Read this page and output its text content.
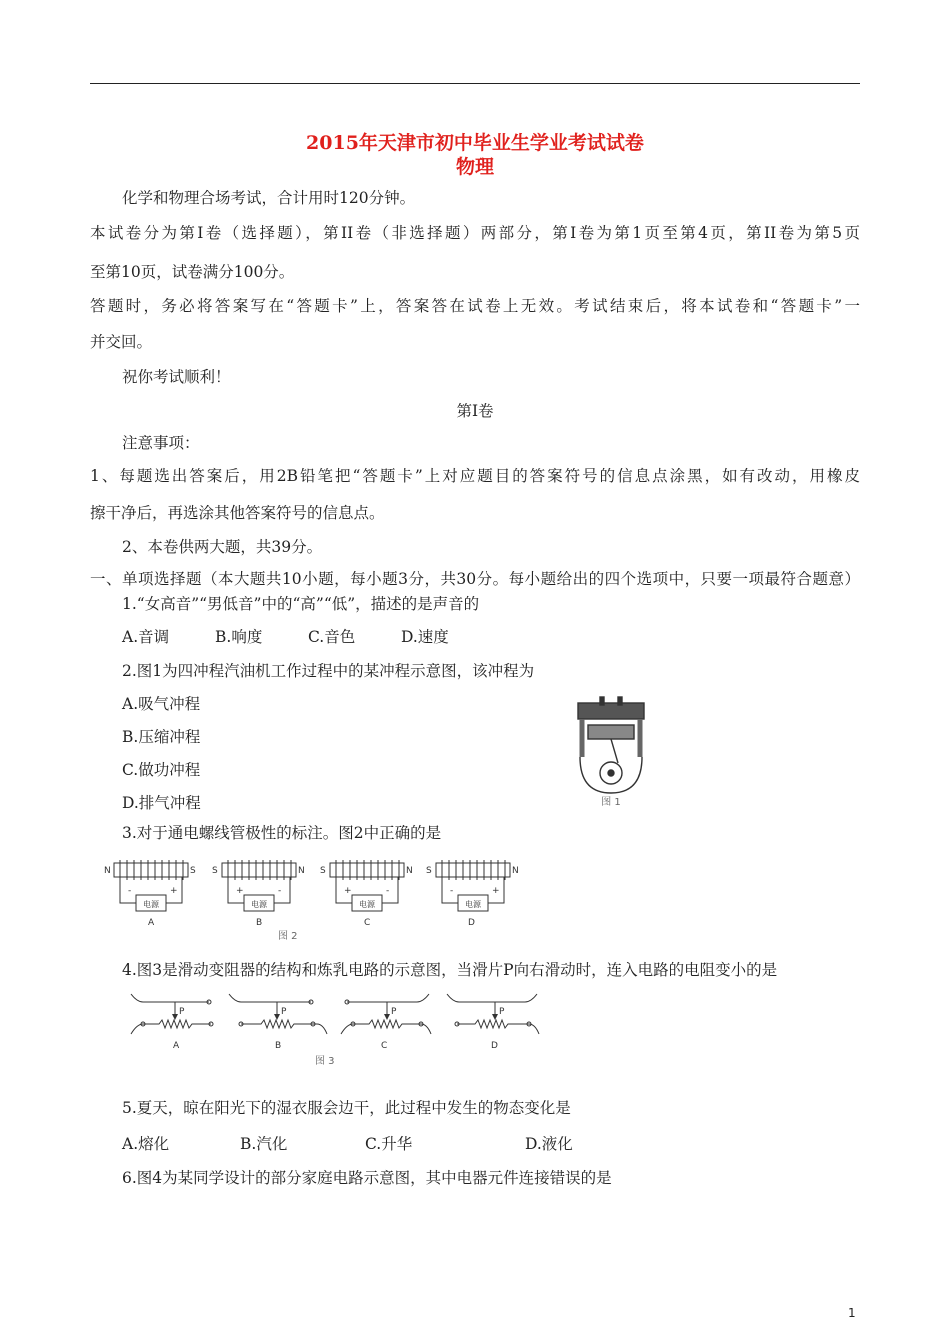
2015年天津市初中毕业生学业考试试卷
物理
化学和物理合场考试，合计用时120分钟。
本试卷分为第Ⅰ卷（选择题），第II卷（非选择题）两部分，第Ⅰ卷为第1页至第4页，第II卷为第5页
至第10页，试卷满分100分。
答题时，务必将答案写在“答题卡”上，答案答在试卷上无效。考试结束后，将本试卷和“答题卡”一
并交回。
祝你考试顺利！
第Ⅰ卷
注意事项：
1、每题选出答案后，用2B铅笔把“答题卡”上对应题目的答案符号的信息点涂黑，如有改动，用橡皮
擦干净后，再选涂其他答案符号的信息点。
2、本卷供两大题，共39分。
一、单项选择题（本大题共10小题，每小题3分，共30分。每小题给出的四个选项中，只要一项最符合题意）
1.“女高音”“男低音”中的“高”“低”，描述的是声音的
A.音调	B.响度	C.音色	D.速度
2.图1为四冲程汽油机工作过程中的某冲程示意图，该冲程为
A.吸气冲程
B.压缩冲程
C.做功冲程
D.排气冲程	图 1
3.对于通电螺线管极性的标注。图2中正确的是
N	S
电源
-	+
A
S	N
电源
+	-
B
S	N
电源
+	-
C
S	N
电源
-	+
D
图 2
4.图3是滑动变阻器的结构和炼乳电路的示意图，当滑片P向右滑动时，连入电路的电阻变小的是
P
A
P
B
P
C
P
D
图 3
5.夏天，晾在阳光下的湿衣服会边干，此过程中发生的物态变化是
A.熔化	B.汽化	C.升华	D.液化
6.图4为某同学设计的部分家庭电路示意图，其中电器元件连接错误的是
1
